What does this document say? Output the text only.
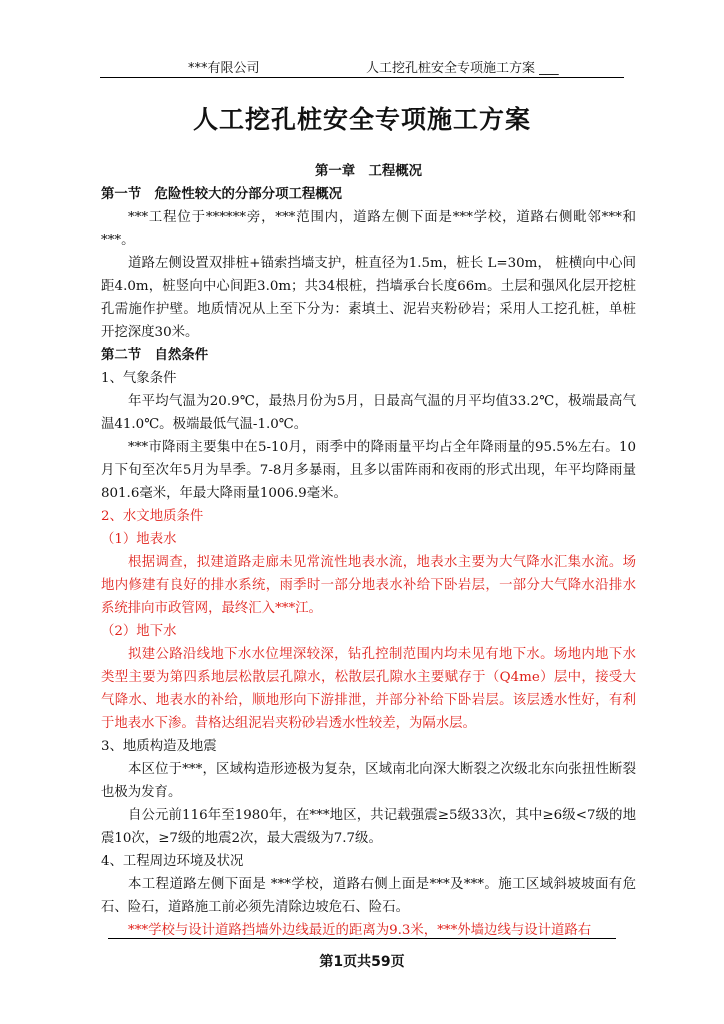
***有限公司	人工挖孔桩安全专项施工方案 ___
人工挖孔桩安全专项施工方案

第一章　工程概况

第一节　危险性较大的分部分项工程概况

***工程位于******旁，***范围内，道路左侧下面是***学校，道路右侧毗邻***和***。

道路左侧设置双排桩+锚索挡墙支护，桩直径为1.5m，桩长 L=30m， 桩横向中心间距4.0m，桩竖向中心间距3.0m；共34根桩，挡墙承台长度66m。土层和强风化层开挖桩孔需施作护壁。地质情况从上至下分为：素填土、泥岩夹粉砂岩；采用人工挖孔桩，单桩开挖深度30米。

第二节　自然条件

1、气象条件

年平均气温为20.9℃，最热月份为5月，日最高气温的月平均值33.2℃，极端最高气温41.0℃。极端最低气温-1.0℃。

***市降雨主要集中在5-10月，雨季中的降雨量平均占全年降雨量的95.5%左右。10月下旬至次年5月为旱季。7-8月多暴雨，且多以雷阵雨和夜雨的形式出现，年平均降雨量801.6毫米，年最大降雨量1006.9毫米。

2、水文地质条件

（1）地表水

根据调查，拟建道路走廊未见常流性地表水流，地表水主要为大气降水汇集水流。场地内修建有良好的排水系统，雨季时一部分地表水补给下卧岩层，一部分大气降水沿排水系统排向市政管网，最终汇入***江。

（2）地下水

拟建公路沿线地下水水位埋深较深，钻孔控制范围内均未见有地下水。场地内地下水类型主要为第四系地层松散层孔隙水，松散层孔隙水主要赋存于（Q4me）层中，接受大气降水、地表水的补给，顺地形向下游排泄，并部分补给下卧岩层。该层透水性好，有利于地表水下渗。昔格达组泥岩夹粉砂岩透水性较差，为隔水层。

3、地质构造及地震

本区位于***，区域构造形迹极为复杂，区域南北向深大断裂之次级北东向张扭性断裂也极为发育。

自公元前116年至1980年，在***地区，共记载强震≥5级33次，其中≥6级<7级的地震10次，≥7级的地震2次，最大震级为7.7级。

4、工程周边环境及状况

本工程道路左侧下面是 ***学校，道路右侧上面是***及***。施工区域斜坡坡面有危石、险石，道路施工前必须先清除边坡危石、险石。

***学校与设计道路挡墙外边线最近的距离为9.3米，***外墙边线与设计道路右

第1页共59页
